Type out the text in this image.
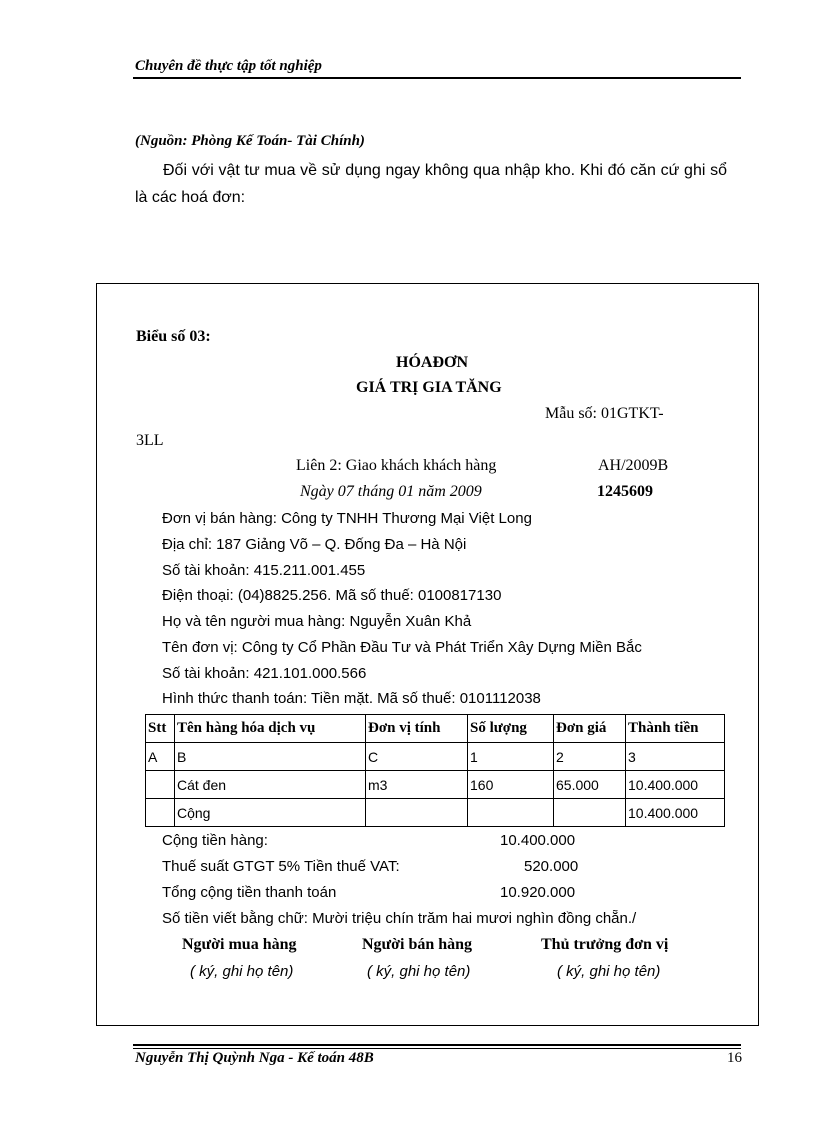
Chuyên đề thực tập tốt nghiệp
(Nguồn: Phòng Kế Toán- Tài Chính)
Đối với vật tư mua về sử dụng ngay không qua nhập kho. Khi đó căn cứ ghi sổ là các hoá đơn:
Biểu số 03:
HÓAĐƠN
GIÁ TRỊ GIA TĂNG
Mẫu số: 01GTKT-
3LL
Liên 2: Giao khách khách hàng	AH/2009B
Ngày 07 tháng 01 năm 2009	1245609
Đơn vị bán hàng: Công ty TNHH Thương Mại Việt Long
Địa chỉ: 187 Giảng Võ – Q. Đống Đa – Hà Nội
Số tài khoản: 415.211.001.455
Điện thoại: (04)8825.256. Mã số thuế: 0100817130
Họ và tên người mua hàng: Nguyễn Xuân Khả
Tên đơn vị: Công ty Cổ Phần Đầu Tư và Phát Triển Xây Dựng Miền Bắc
Số tài khoản: 421.101.000.566
Hình thức thanh toán: Tiền mặt. Mã số thuế: 0101112038
Stt	Tên hàng hóa dịch vụ	Đơn vị tính	Số lượng	Đơn giá	Thành tiền
A	B	C	1	2	3
	Cát đen	m3	160	65.000	10.400.000
	Cộng				10.400.000
Cộng tiền hàng:	10.400.000
Thuế suất GTGT 5% Tiền thuế VAT:	520.000
Tổng cộng tiền thanh toán	10.920.000
Số tiền viết bằng chữ: Mười triệu chín trăm hai mươi nghìn đồng chẵn./
Người mua hàng	Người bán hàng	Thủ trưởng đơn vị
( ký, ghi họ tên)	( ký, ghi họ tên)	( ký, ghi họ tên)
Nguyễn Thị Quỳnh Nga - Kế toán 48B	16
